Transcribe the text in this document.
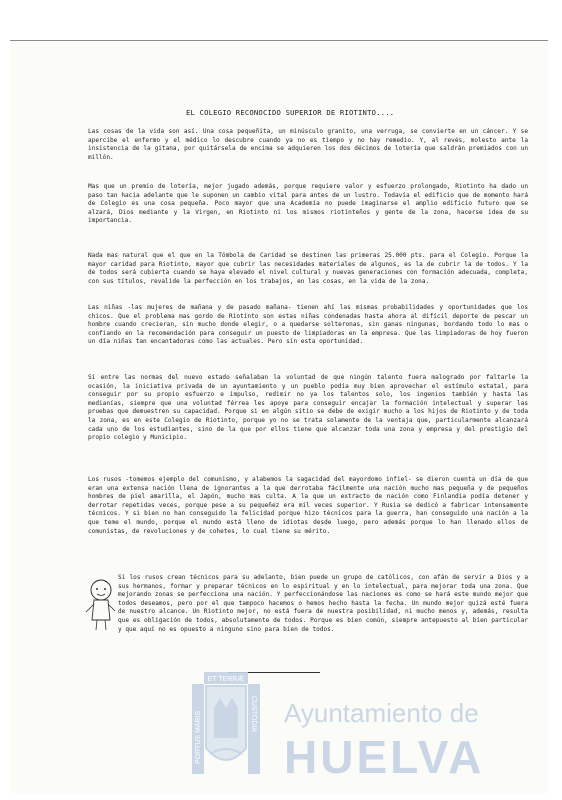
EL COLEGIO RECONOCIDO SUPERIOR DE RIOTINTO....
Las cosas de la vida son así. Una cosa pequeñita, un minúsculo granito, una verruga, se convierte en un cáncer. Y se apercibe el enfermo y el médico lo descubre cuando ya no es tiempo y no hay remedio. Y, al revés, molesto ante la insistencia de la gitana, por quitársela de encima se adquieren los dos décimos de lotería que saldrán premiados con un millón.
Mas que un premio de lotería, mejor jugado además, porque requiere valor y esfuerzo prolongado, Riotinto ha dado un paso tan hacia adelante que le suponen un cambio vital para antes de un lustro. Todavía el edificio que de momento hará de Colegio es una cosa pequeña. Poco mayor que una Academia no puede imaginarse el amplio edificio futuro que se alzará, Dios mediante y la Virgen, en Riotinto ni los mismos riotinteños y gente de la zona, hacerse idea de su importancia.
Nada mas natural que el que en la Tómbola de Caridad se destinen las primeras 25.000 pts. para el Colegio. Porque la mayor caridad para Riotinto, mayor que cubrir las necesidades materiales de algunos, es la de cubrir la de todos. Y la de todos será cubierta cuando se haya elevado el nivel cultural y nuevas generaciones con formación adecuada, completa, con sus títulos, revalide la perfección en los trabajos, en las cosas, en la vida de la zona.
Las niñas -las mujeres de mañana y de pasado mañana- tienen ahí las mismas probabilidades y oportunidades que los chicos. Que el problema mas gordo de Riotinto son estas niñas condenadas hasta ahora al difícil deporte de pescar un hombre cuando crecieran, sin mucho donde elegir, o a quedarse solteronas, sin ganas ningunas, bordando todo lo mas o confiando en la recomendación para conseguir un puesto de limpiadoras en la empresa. Que las limpiadoras de hoy fueron un día niñas tan encantadoras como las actuales. Pero sin esta oportunidad.
Si entre las normas del nuevo estado señalaban la voluntad de que ningún talento fuera malogrado por faltarle la ocasión, la iniciativa privada de un ayuntamiento y un pueblo podía muy bien aprovechar el estímulo estatal, para conseguir por su propio esfuerzo e impulso, redimir no ya los talentos solo, los ingenios también y hasta las medianías, siempre que una voluntad férrea les apoye para conseguir encajar la formación intelectual y superar las pruebas que demuestren su capacidad. Porque si en algún sitio se debe de exigir mucho a los hijos de Riotinto y de toda la zona, es en este Colegio de Riotinto, porque yo no se trata solamente de la ventaja que, particularmente alcanzará cada uno de los estudiantes, sino de la que por ellos tiene que alcanzar toda una zona y empresa y del prestigio del propio colegio y Municipio.
Los rusos -tomemos ejemplo del comunismo, y alabemos la sagacidad del mayordomo infiel- se dieron cuenta un día de que eran una extensa nación llena de ignorantes a la que derrotaba fácilmente una nación mucho mas pequeña y de pequeños hombres de piel amarilla, el Japón, mucho mas culta. A la que un extracto de nación como Finlandia podía detener y derrotar repetidas veces, porque pese a su pequeñez era mil veces superior. Y Rusia se dedicó a fabricar intensamente técnicos. Y si bien no han conseguido la felicidad porque hizo técnicos para la guerra, han conseguido una nación a la que teme el mundo, porque el mundo está lleno de idiotas desde luego, pero además porque lo han llenado ellos de comunistas, de revoluciones y de cohetes, lo cual tiene su mérito.
Si los rusos crean técnicos para su adelanto, bien puede un grupo de católicos, con afán de servir a Dios y a sus hermanos, formar y preparar técnicos en lo espiritual y en lo intelectual, para mejorar toda una zona. Que mejorando zonas se perfecciona una nación. Y perfeccionándose las naciones es como se hará este mundo mejor que todos deseamos, pero por el que tampoco hacemos o hemos hecho hasta la fecha. Un mundo mejor quizá esté fuera de nuestro alcance. Un Riotinto mejor, no está fuera de nuestra posibilidad, ni mucho menos y, además, resulta que es obligación de todos, absolutamente de todos. Porque es bien común, siempre antepuesto al bien particular y que aquí no es opuesto a ninguno sino para bien de todos.
ET TERRÆ
PORTUS MARIS	CUSTODIA Ayuntamiento de
HUELVA
